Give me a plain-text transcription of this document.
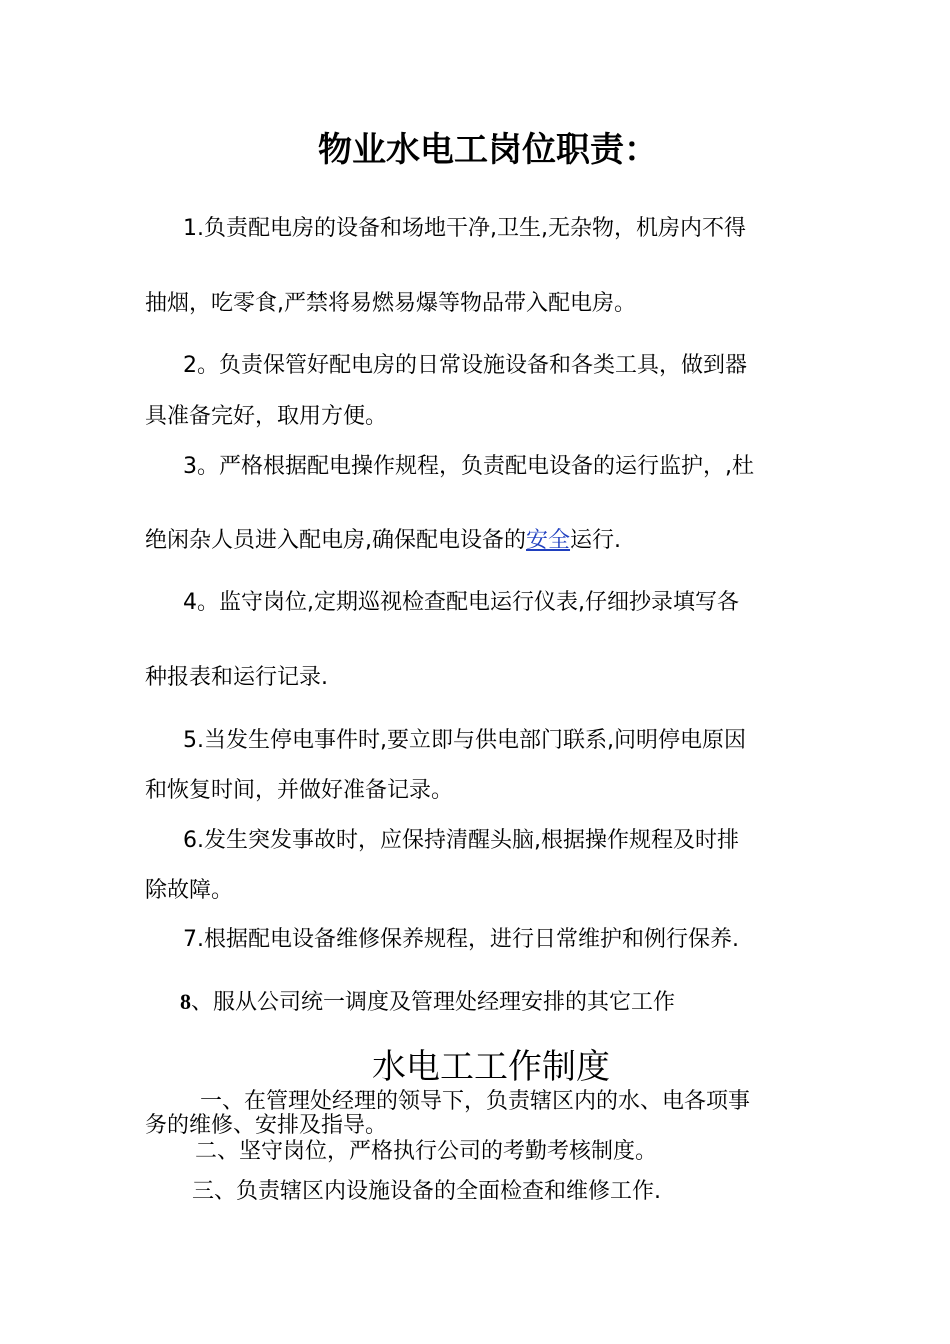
物业水电工岗位职责：
1.负责配电房的设备和场地干净,卫生,无杂物，机房内不得
抽烟，吃零食,严禁将易燃易爆等物品带入配电房。
2。负责保管好配电房的日常设施设备和各类工具，做到器
具准备完好，取用方便。
3。严格根据配电操作规程，负责配电设备的运行监护，,杜
绝闲杂人员进入配电房,确保配电设备的安全运行.
4。监守岗位,定期巡视检查配电运行仪表,仔细抄录填写各
种报表和运行记录.
5.当发生停电事件时,要立即与供电部门联系,问明停电原因
和恢复时间，并做好准备记录。
6.发生突发事故时，应保持清醒头脑,根据操作规程及时排
除故障。
7.根据配电设备维修保养规程，进行日常维护和例行保养.
8、服从公司统一调度及管理处经理安排的其它工作
水电工工作制度
一、在管理处经理的领导下，负责辖区内的水、电各项事
务的维修、安排及指导。
二、坚守岗位，严格执行公司的考勤考核制度。
三、负责辖区内设施设备的全面检查和维修工作.
